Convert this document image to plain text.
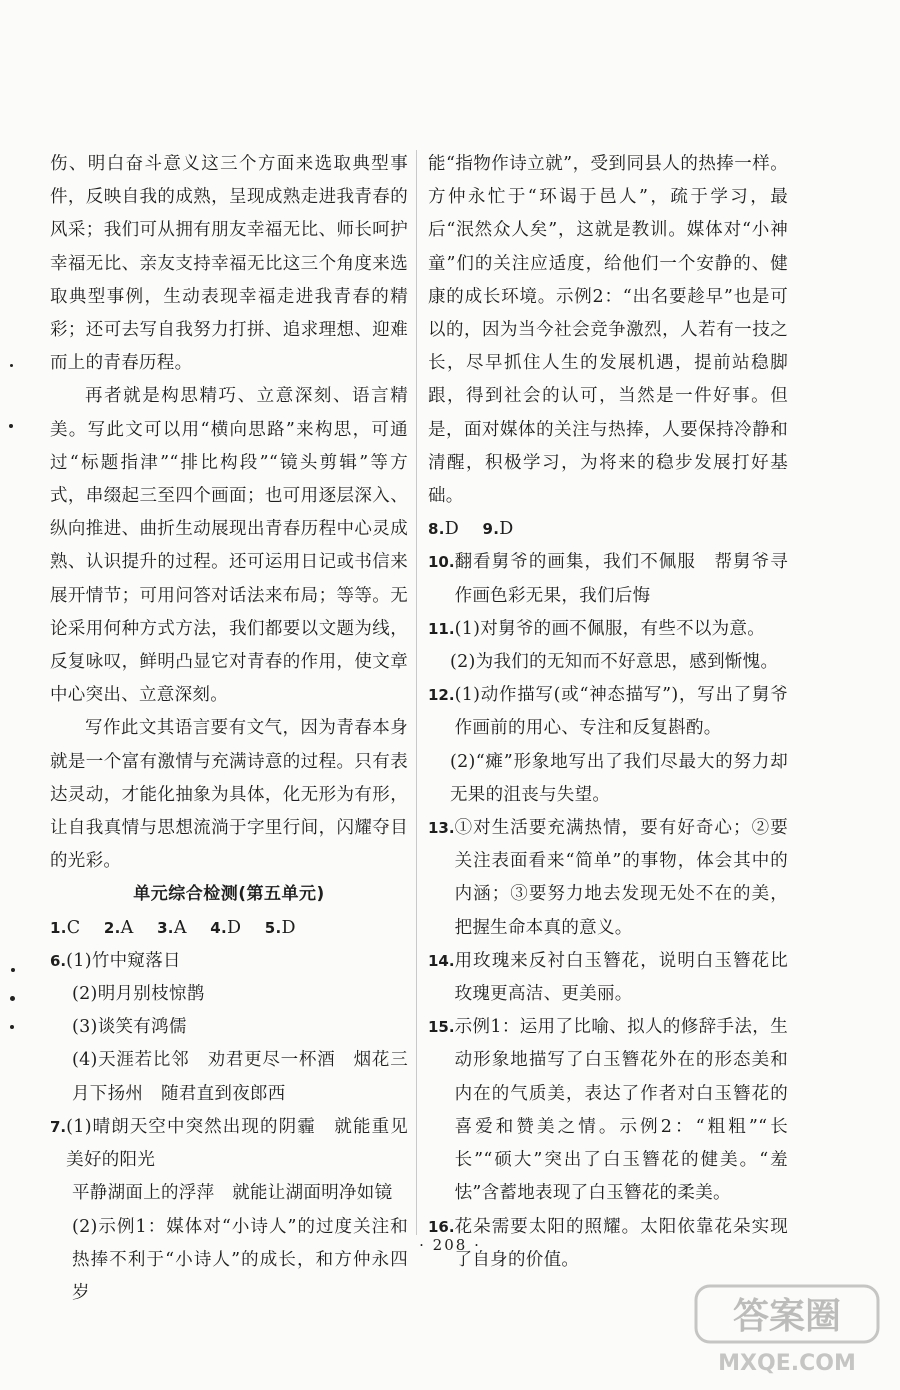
伤、明白奋斗意义这三个方面来选取典型事件，反映自我的成熟，呈现成熟走进我青春的风采；我们可从拥有朋友幸福无比、师长呵护幸福无比、亲友支持幸福无比这三个角度来选取典型事例，生动表现幸福走进我青春的精彩；还可去写自我努力打拼、追求理想、迎难而上的青春历程。

再者就是构思精巧、立意深刻、语言精美。写此文可以用“横向思路”来构思，可通过“标题指津”“排比构段”“镜头剪辑”等方式，串缀起三至四个画面；也可用逐层深入、纵向推进、曲折生动展现出青春历程中心灵成熟、认识提升的过程。还可运用日记或书信来展开情节；可用问答对话法来布局；等等。无论采用何种方式方法，我们都要以文题为线，反复咏叹，鲜明凸显它对青春的作用，使文章中心突出、立意深刻。

写作此文其语言要有文气，因为青春本身就是一个富有激情与充满诗意的过程。只有表达灵动，才能化抽象为具体，化无形为有形，让自我真情与思想流淌于字里行间，闪耀夺目的光彩。

单元综合检测(第五单元)

1.C 2.A 3.A 4.D 5.D
6. (1)竹中窥落日
(2)明月别枝惊鹊
(3)谈笑有鸿儒
(4)天涯若比邻　劝君更尽一杯酒　烟花三月下扬州　随君直到夜郎西
7. (1)晴朗天空中突然出现的阴霾　就能重见美好的阳光
平静湖面上的浮萍　就能让湖面明净如镜
(2)示例1：媒体对“小诗人”的过度关注和热捧不利于“小诗人”的成长，和方仲永四岁

能“指物作诗立就”，受到同县人的热捧一样。方仲永忙于“环谒于邑人”，疏于学习，最后“泯然众人矣”，这就是教训。媒体对“小神童”们的关注应适度，给他们一个安静的、健康的成长环境。示例2：“出名要趁早”也是可以的，因为当今社会竞争激烈，人若有一技之长，尽早抓住人生的发展机遇，提前站稳脚跟，得到社会的认可，当然是一件好事。但是，面对媒体的关注与热捧，人要保持冷静和清醒，积极学习，为将来的稳步发展打好基础。

8.D 9.D
10. 翻看舅爷的画集，我们不佩服　帮舅爷寻作画色彩无果，我们后悔
11. (1)对舅爷的画不佩服，有些不以为意。
(2)为我们的无知而不好意思，感到惭愧。
12. (1)动作描写(或“神态描写”)，写出了舅爷作画前的用心、专注和反复斟酌。
(2)“瘫”形象地写出了我们尽最大的努力却无果的沮丧与失望。
13. ①对生活要充满热情，要有好奇心；②要关注表面看来“简单”的事物，体会其中的内涵；③要努力地去发现无处不在的美，把握生命本真的意义。
14. 用玫瑰来反衬白玉簪花，说明白玉簪花比玫瑰更高洁、更美丽。
15. 示例1：运用了比喻、拟人的修辞手法，生动形象地描写了白玉簪花外在的形态美和内在的气质美，表达了作者对白玉簪花的喜爱和赞美之情。示例2：“粗粗”“长长”“硕大”突出了白玉簪花的健美。“羞怯”含蓄地表现了白玉簪花的柔美。
16. 花朵需要太阳的照耀。太阳依靠花朵实现了自身的价值。
· 208 ·
答案圈
MXQE.COM
